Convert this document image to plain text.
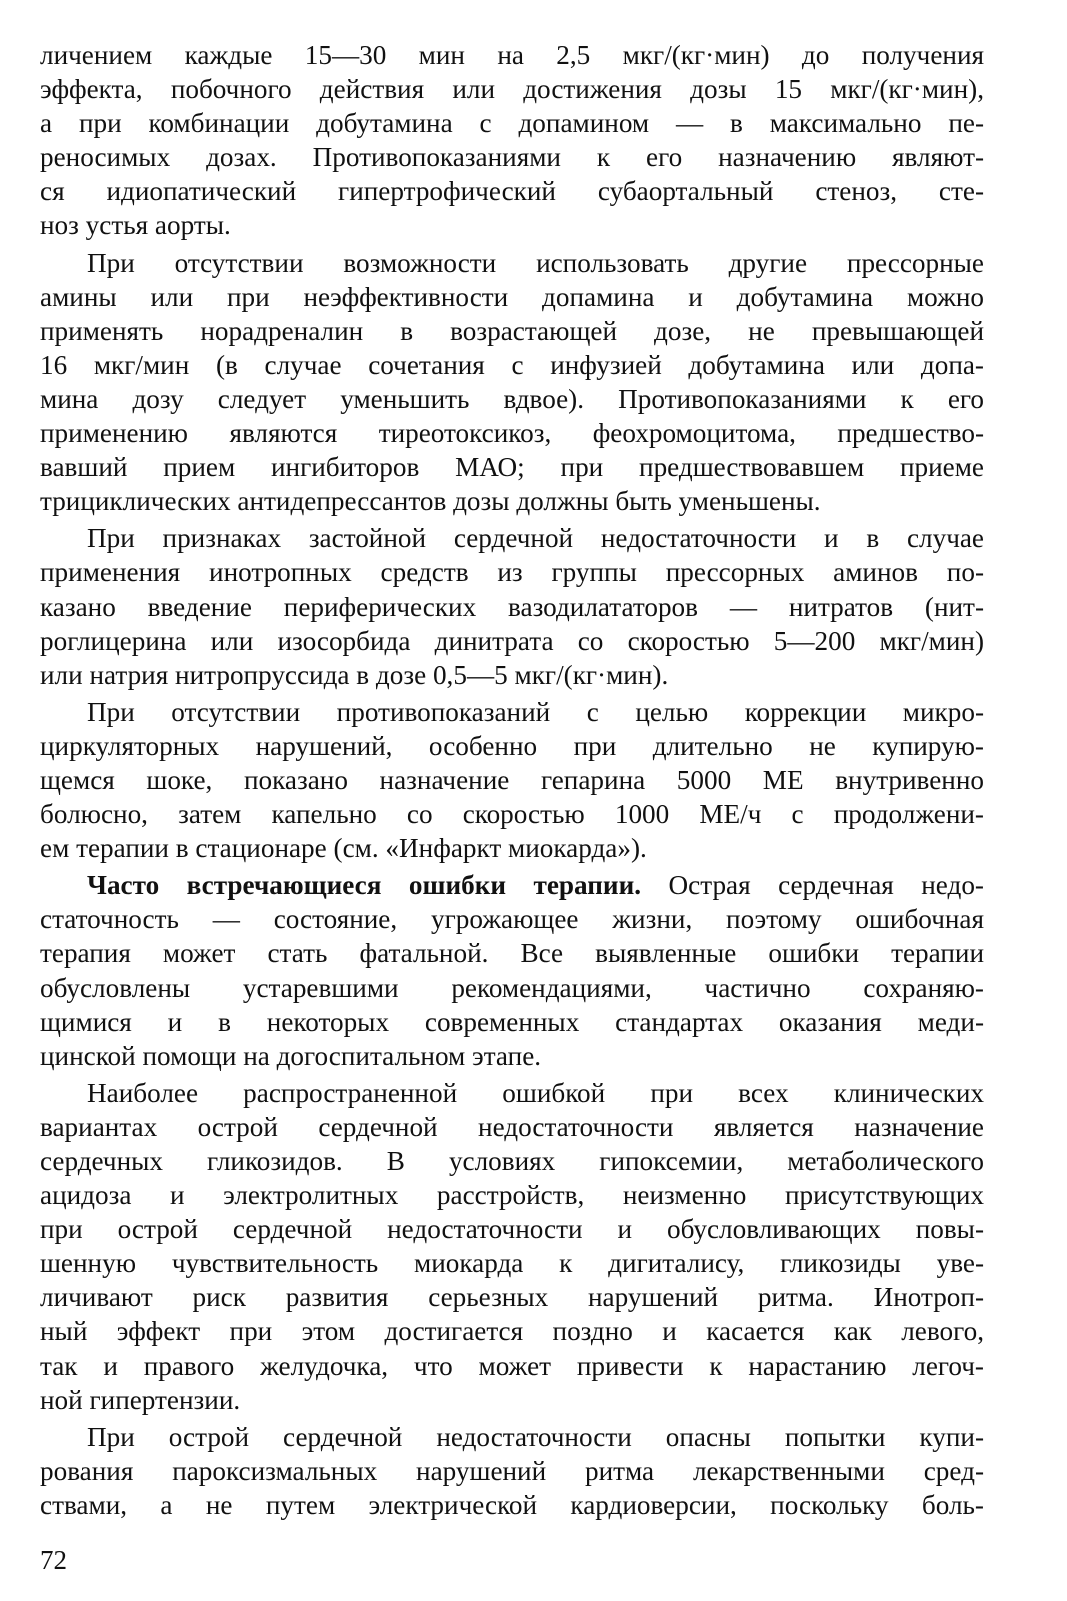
личением каждые 15—30 мин на 2,5 мкг/(кг·мин) до получения
эффекта, побочного действия или достижения дозы 15 мкг/(кг·мин),
а при комбинации добутамина с допамином — в максимально пе-
реносимых дозах. Противопоказаниями к его назначению являют-
ся идиопатический гипертрофический субаортальный стеноз, сте-
ноз устья аорты.
При отсутствии возможности использовать другие прессорные
амины или при неэффективности допамина и добутамина можно
применять норадреналин в возрастающей дозе, не превышающей
16 мкг/мин (в случае сочетания с инфузией добутамина или допа-
мина дозу следует уменьшить вдвое). Противопоказаниями к его
применению являются тиреотоксикоз, феохромоцитома, предшество-
вавший прием ингибиторов МАО; при предшествовавшем приеме
трициклических антидепрессантов дозы должны быть уменьшены.
При признаках застойной сердечной недостаточности и в случае
применения инотропных средств из группы прессорных аминов по-
казано введение периферических вазодилататоров — нитратов (нит-
роглицерина или изосорбида динитрата со скоростью 5—200 мкг/мин)
или натрия нитропруссида в дозе 0,5—5 мкг/(кг·мин).
При отсутствии противопоказаний с целью коррекции микро-
циркуляторных нарушений, особенно при длительно не купирую-
щемся шоке, показано назначение гепарина 5000 МЕ внутривенно
болюсно, затем капельно со скоростью 1000 МЕ/ч с продолжени-
ем терапии в стационаре (см. «Инфаркт миокарда»).
Часто встречающиеся ошибки терапии. Острая сердечная недо-
статочность — состояние, угрожающее жизни, поэтому ошибочная
терапия может стать фатальной. Все выявленные ошибки терапии
обусловлены устаревшими рекомендациями, частично сохраняю-
щимися и в некоторых современных стандартах оказания меди-
цинской помощи на догоспитальном этапе.
Наиболее распространенной ошибкой при всех клинических
вариантах острой сердечной недостаточности является назначение
сердечных гликозидов. В условиях гипоксемии, метаболического
ацидоза и электролитных расстройств, неизменно присутствующих
при острой сердечной недостаточности и обусловливающих повы-
шенную чувствительность миокарда к дигиталису, гликозиды уве-
личивают риск развития серьезных нарушений ритма. Инотроп-
ный эффект при этом достигается поздно и касается как левого,
так и правого желудочка, что может привести к нарастанию легоч-
ной гипертензии.
При острой сердечной недостаточности опасны попытки купи-
рования пароксизмальных нарушений ритма лекарственными сред-
ствами, а не путем электрической кардиоверсии, поскольку боль-
72
